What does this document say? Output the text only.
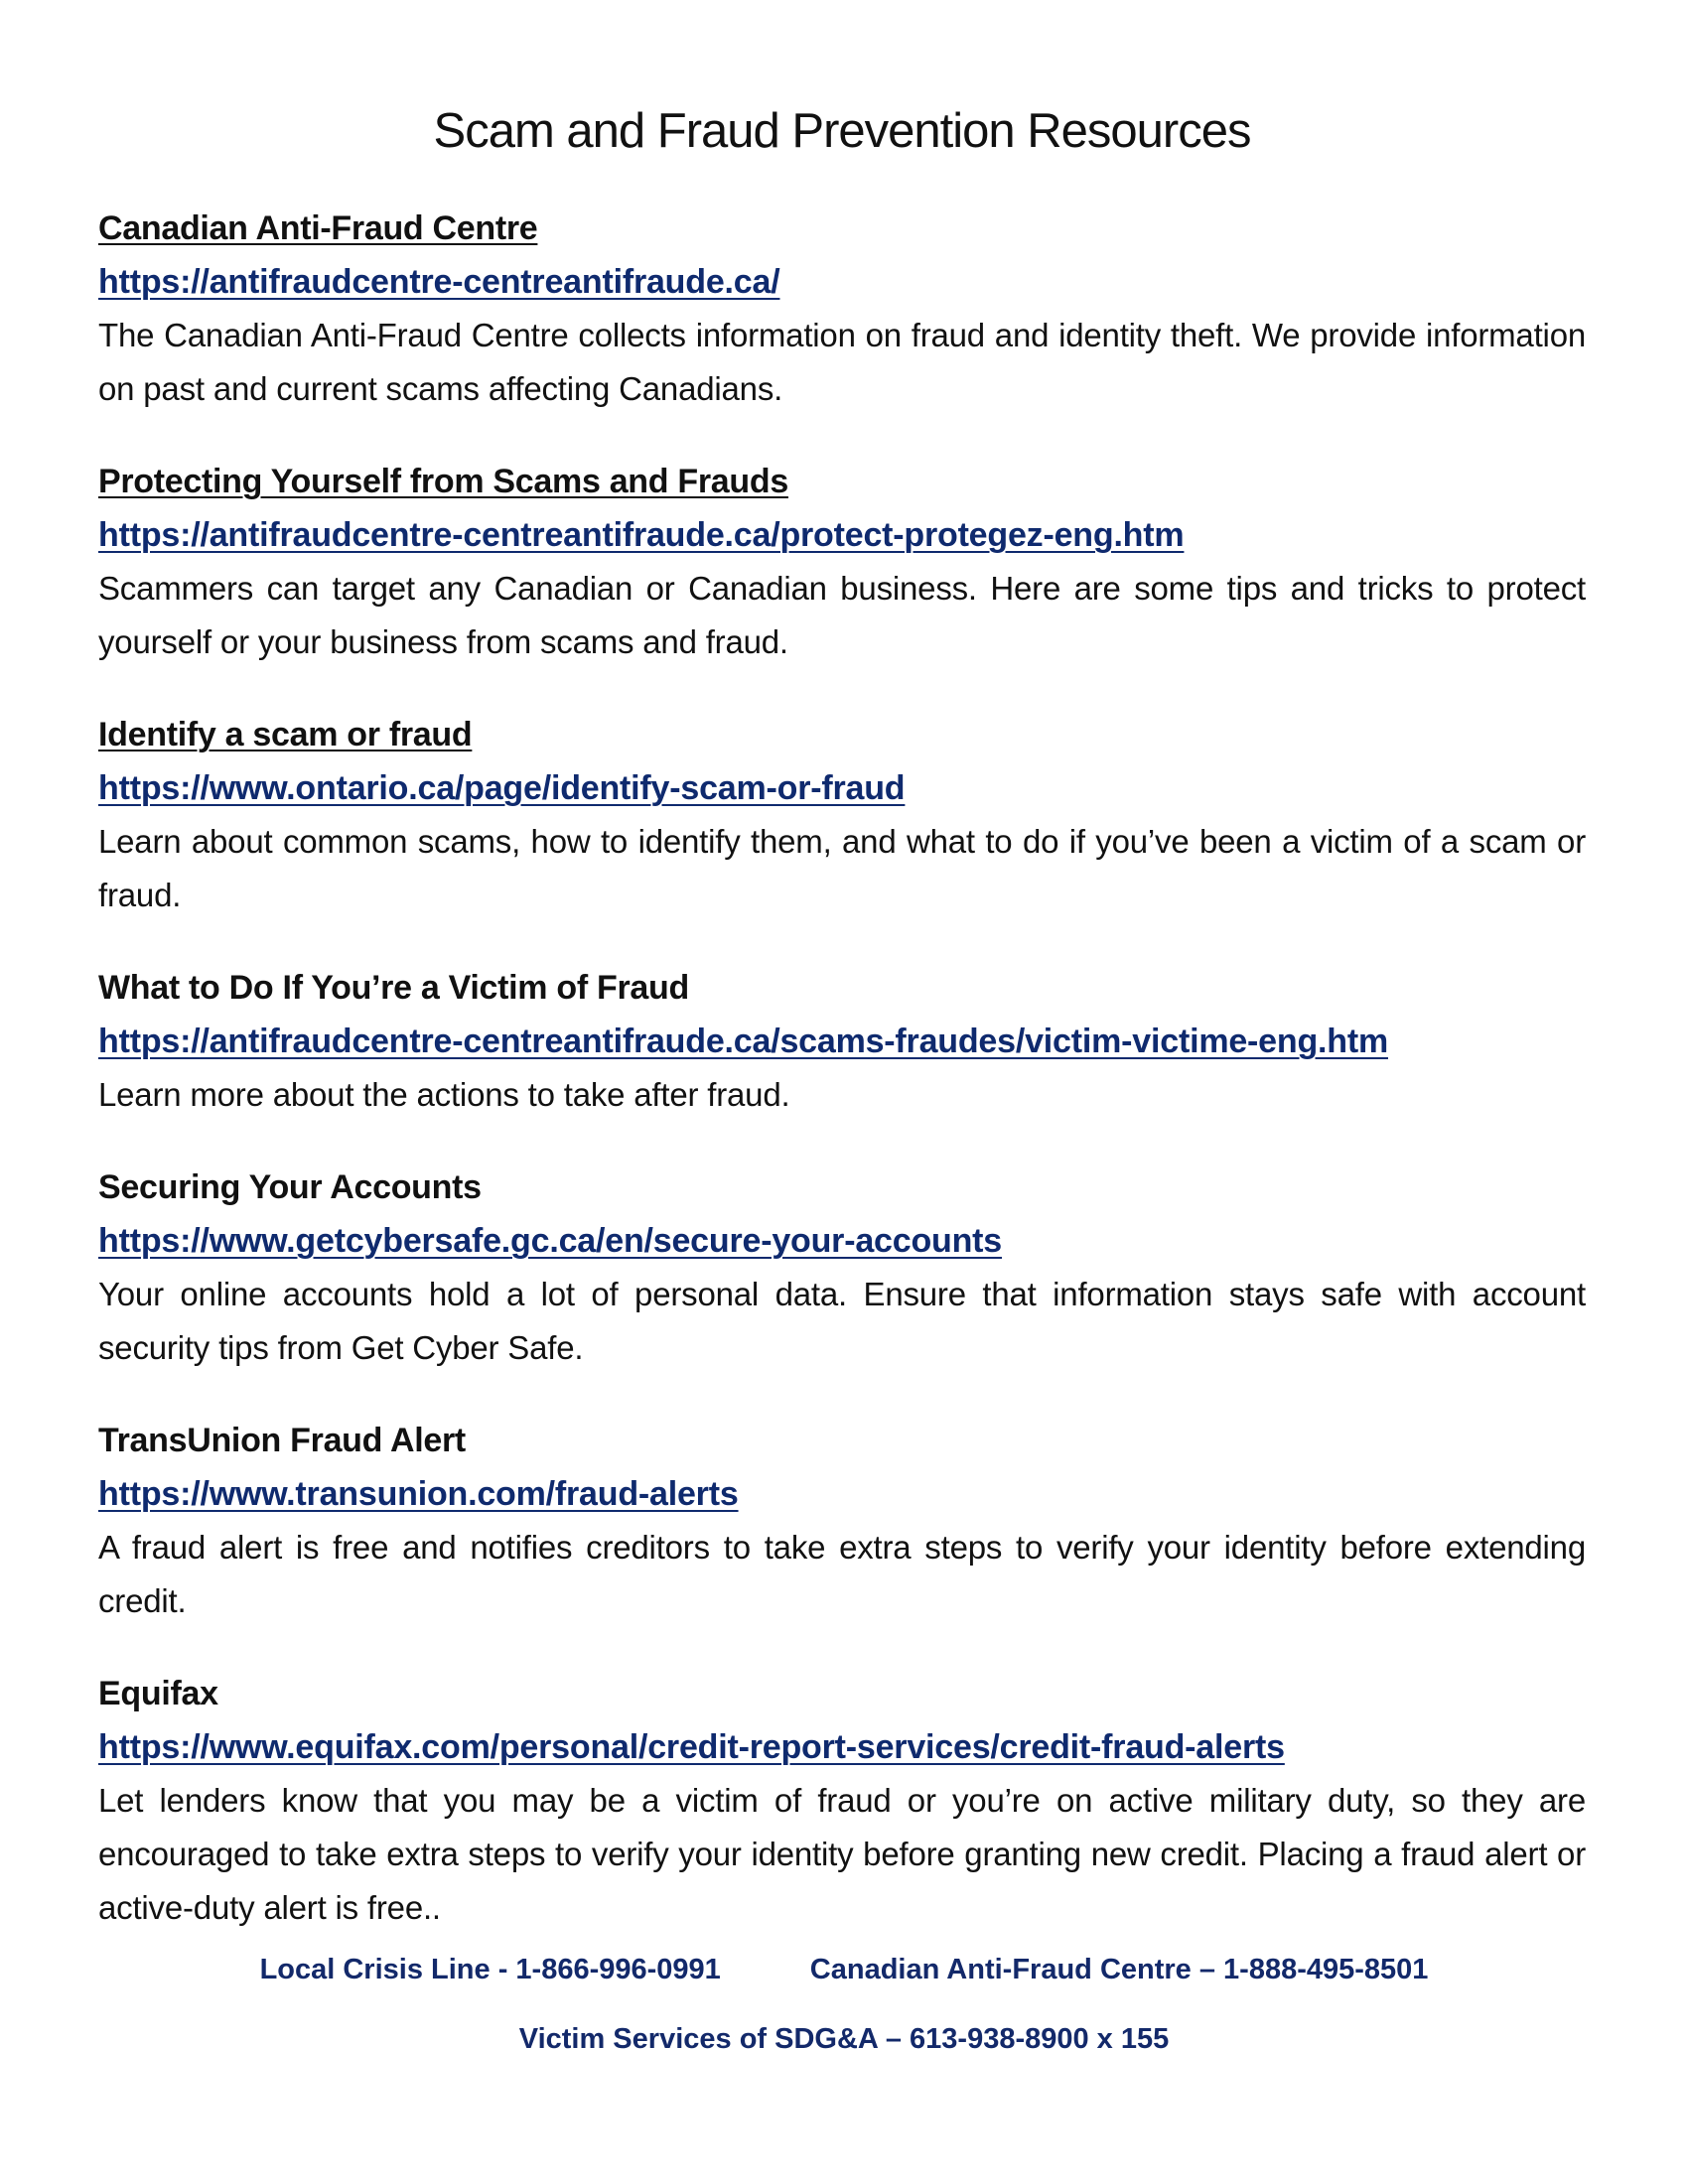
Scam and Fraud Prevention Resources
Canadian Anti-Fraud Centre
https://antifraudcentre-centreantifraude.ca/

The Canadian Anti-Fraud Centre collects information on fraud and identity theft. We provide information on past and current scams affecting Canadians.

Protecting Yourself from Scams and Frauds
https://antifraudcentre-centreantifraude.ca/protect-protegez-eng.htm

Scammers can target any Canadian or Canadian business. Here are some tips and tricks to protect yourself or your business from scams and fraud.

Identify a scam or fraud
https://www.ontario.ca/page/identify-scam-or-fraud

Learn about common scams, how to identify them, and what to do if you’ve been a victim of a scam or fraud.

What to Do If You’re a Victim of Fraud
https://antifraudcentre-centreantifraude.ca/scams-fraudes/victim-victime-eng.htm

Learn more about the actions to take after fraud.

Securing Your Accounts
https://www.getcybersafe.gc.ca/en/secure-your-accounts

Your online accounts hold a lot of personal data. Ensure that information stays safe with account security tips from Get Cyber Safe.

TransUnion Fraud Alert
https://www.transunion.com/fraud-alerts

A fraud alert is free and notifies creditors to take extra steps to verify your identity before extending credit.

Equifax
https://www.equifax.com/personal/credit-report-services/credit-fraud-alerts

Let lenders know that you may be a victim of fraud or you’re on active military duty, so they are encouraged to take extra steps to verify your identity before granting new credit. Placing a fraud alert or active-duty alert is free..

Local Crisis Line - 1-866-996-0991	Canadian Anti-Fraud Centre – 1-888-495-8501
Victim Services of SDG&A – 613-938-8900 x 155
